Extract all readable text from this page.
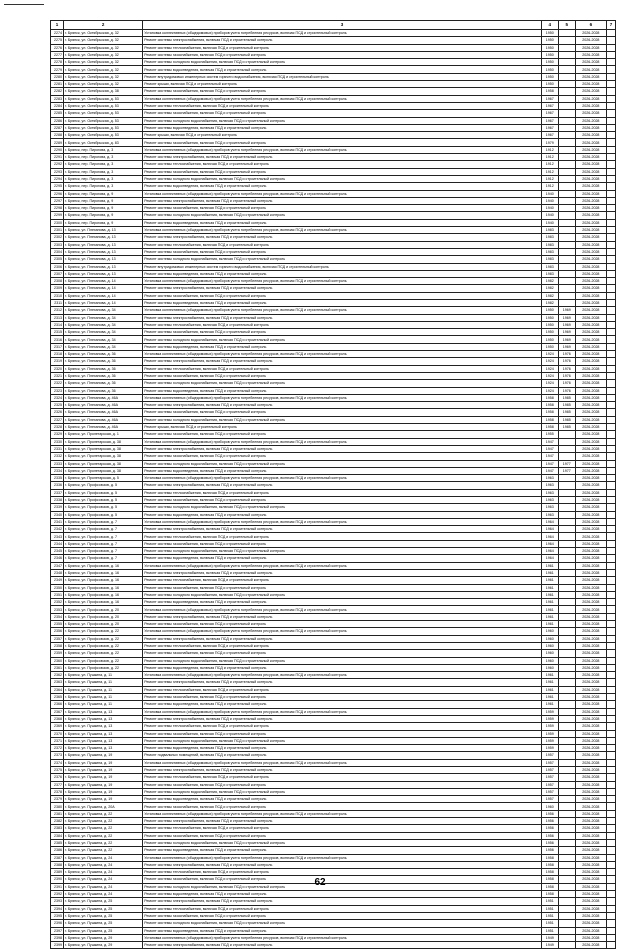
1	2	3	4	5	6	7
2274	г. Брянск, ул. Октябрьская, д. 32	Установка коллективных (общедомовых) приборов учета потребления ресурсов, включая ПСД и строительный контроль	1950		2026-2028	
2275	г. Брянск, ул. Октябрьская, д. 32	Ремонт системы электроснабжения, включая ПСД и строительный контроль	1950		2026-2028	
2276	г. Брянск, ул. Октябрьская, д. 32	Ремонт системы теплоснабжения, включая ПСД и строительный контроль	1950		2026-2028	
2277	г. Брянск, ул. Октябрьская, д. 32	Ремонт системы газоснабжения, включая ПСД и строительный контроль	1950		2026-2028	
2278	г. Брянск, ул. Октябрьская, д. 32	Ремонт системы холодного водоснабжения, включая ПСД и строительный контроль	1950		2026-2028	
2279	г. Брянск, ул. Октябрьская, д. 32	Ремонт системы водоотведения, включая ПСД и строительный контроль	1950		2026-2028	
2280	г. Брянск, ул. Октябрьская, д. 32	Ремонт внутридомовых инженерных систем горячего водоснабжения, включая ПСД и строительный контроль	1950		2026-2028	
2281	г. Брянск, ул. Октябрьская, д. 32	Ремонт крыши, включая ПСД и строительный контроль	1950		2026-2028	
2282	г. Брянск, ул. Октябрьская, д. 38	Ремонт системы газоснабжения, включая ПСД и строительный контроль	1958		2026-2028	
2283	г. Брянск, ул. Октябрьская, д. 53	Установка коллективных (общедомовых) приборов учета потребления ресурсов, включая ПСД и строительный контроль	1967		2026-2028	
2284	г. Брянск, ул. Октябрьская, д. 53	Ремонт системы теплоснабжения, включая ПСД и строительный контроль	1967		2026-2028	
2285	г. Брянск, ул. Октябрьская, д. 53	Ремонт системы газоснабжения, включая ПСД и строительный контроль	1967		2026-2028	
2286	г. Брянск, ул. Октябрьская, д. 53	Ремонт системы холодного водоснабжения, включая ПСД и строительный контроль	1967		2026-2028	
2287	г. Брянск, ул. Октябрьская, д. 53	Ремонт системы водоотведения, включая ПСД и строительный контроль	1967		2026-2028	
2288	г. Брянск, ул. Октябрьская, д. 53	Ремонт крыши, включая ПСД и строительный контроль	1967		2026-2028	
2289	г. Брянск, ул. Октябрьская, д. 83	Ремонт системы газоснабжения, включая ПСД и строительный контроль	1979		2026-2028	
2290	г. Брянск, пер. Пирогова, д. 3	Установка коллективных (общедомовых) приборов учета потребления ресурсов, включая ПСД и строительный контроль	1912		2026-2028	
2291	г. Брянск, пер. Пирогова, д. 3	Ремонт системы электроснабжения, включая ПСД и строительный контроль	1912		2026-2028	
2292	г. Брянск, пер. Пирогова, д. 3	Ремонт системы теплоснабжения, включая ПСД и строительный контроль	1912		2026-2028	
2293	г. Брянск, пер. Пирогова, д. 3	Ремонт системы газоснабжения, включая ПСД и строительный контроль	1912		2026-2028	
2294	г. Брянск, пер. Пирогова, д. 3	Ремонт системы холодного водоснабжения, включая ПСД и строительный контроль	1912		2026-2028	
2295	г. Брянск, пер. Пирогова, д. 3	Ремонт системы водоотведения, включая ПСД и строительный контроль	1912		2026-2028	
2296	г. Брянск, пер. Пирогова, д. 9	Установка коллективных (общедомовых) приборов учета потребления ресурсов, включая ПСД и строительный контроль	1940		2026-2028	
2297	г. Брянск, пер. Пирогова, д. 9	Ремонт системы электроснабжения, включая ПСД и строительный контроль	1940		2026-2028	
2298	г. Брянск, пер. Пирогова, д. 9	Ремонт системы газоснабжения, включая ПСД и строительный контроль	1940		2026-2028	
2299	г. Брянск, пер. Пирогова, д. 9	Ремонт системы холодного водоснабжения, включая ПСД и строительный контроль	1940		2026-2028	
2300	г. Брянск, пер. Пирогова, д. 9	Ремонт системы водоотведения, включая ПСД и строительный контроль	1940		2026-2028	
2301	г. Брянск, ул. Плеханова, д. 13	Установка коллективных (общедомовых) приборов учета потребления ресурсов, включая ПСД и строительный контроль	1983		2026-2028	
2302	г. Брянск, ул. Плеханова, д. 13	Ремонт системы электроснабжения, включая ПСД и строительный контроль	1983		2026-2028	
2303	г. Брянск, ул. Плеханова, д. 13	Ремонт системы теплоснабжения, включая ПСД и строительный контроль	1983		2026-2028	
2304	г. Брянск, ул. Плеханова, д. 13	Ремонт системы газоснабжения, включая ПСД и строительный контроль	1983		2026-2028	
2305	г. Брянск, ул. Плеханова, д. 13	Ремонт системы холодного водоснабжения, включая ПСД и строительный контроль	1983		2026-2028	
2306	г. Брянск, ул. Плеханова, д. 13	Ремонт внутридомовых инженерных систем горячего водоснабжения, включая ПСД и строительный контроль	1983		2026-2028	
2307	г. Брянск, ул. Плеханова, д. 13	Ремонт системы водоотведения, включая ПСД и строительный контроль	1983		2026-2028	
2308	г. Брянск, ул. Плеханова, д. 14	Установка коллективных (общедомовых) приборов учета потребления ресурсов, включая ПСД и строительный контроль	1982		2026-2028	
2309	г. Брянск, ул. Плеханова, д. 14	Ремонт системы электроснабжения, включая ПСД и строительный контроль	1982		2026-2028	
2310	г. Брянск, ул. Плеханова, д. 14	Ремонт системы газоснабжения, включая ПСД и строительный контроль	1982		2026-2028	
2311	г. Брянск, ул. Плеханова, д. 14	Ремонт системы водоотведения, включая ПСД и строительный контроль	1982		2026-2028	
2312	г. Брянск, ул. Плеханова, д. 34	Установка коллективных (общедомовых) приборов учета потребления ресурсов, включая ПСД и строительный контроль	1950	1969	2026-2028	
2313	г. Брянск, ул. Плеханова, д. 34	Ремонт системы электроснабжения, включая ПСД и строительный контроль	1950	1969	2026-2028	
2314	г. Брянск, ул. Плеханова, д. 34	Ремонт системы теплоснабжения, включая ПСД и строительный контроль	1950	1969	2026-2028	
2315	г. Брянск, ул. Плеханова, д. 34	Ремонт системы газоснабжения, включая ПСД и строительный контроль	1950	1969	2026-2028	
2316	г. Брянск, ул. Плеханова, д. 34	Ремонт системы холодного водоснабжения, включая ПСД и строительный контроль	1950	1969	2026-2028	
2317	г. Брянск, ул. Плеханова, д. 34	Ремонт системы водоотведения, включая ПСД и строительный контроль	1950	1969	2026-2028	
2318	г. Брянск, ул. Плеханова, д. 36	Установка коллективных (общедомовых) приборов учета потребления ресурсов, включая ПСД и строительный контроль	1924	1976	2026-2028	
2319	г. Брянск, ул. Плеханова, д. 36	Ремонт системы электроснабжения, включая ПСД и строительный контроль	1924	1976	2026-2028	
2320	г. Брянск, ул. Плеханова, д. 36	Ремонт системы теплоснабжения, включая ПСД и строительный контроль	1924	1976	2026-2028	
2321	г. Брянск, ул. Плеханова, д. 36	Ремонт системы газоснабжения, включая ПСД и строительный контроль	1924	1976	2026-2028	
2322	г. Брянск, ул. Плеханова, д. 36	Ремонт системы холодного водоснабжения, включая ПСД и строительный контроль	1924	1976	2026-2028	
2323	г. Брянск, ул. Плеханова, д. 36	Ремонт системы водоотведения, включая ПСД и строительный контроль	1924	1976	2026-2028	
2324	г. Брянск, ул. Плеханова, д. 46А	Установка коллективных (общедомовых) приборов учета потребления ресурсов, включая ПСД и строительный контроль	1958	1985	2026-2028	
2325	г. Брянск, ул. Плеханова, д. 46А	Ремонт системы электроснабжения, включая ПСД и строительный контроль	1958	1985	2026-2028	
2326	г. Брянск, ул. Плеханова, д. 46А	Ремонт системы газоснабжения, включая ПСД и строительный контроль	1958	1985	2026-2028	
2327	г. Брянск, ул. Плеханова, д. 46А	Ремонт системы холодного водоснабжения, включая ПСД и строительный контроль	1958	1985	2026-2028	
2328	г. Брянск, ул. Плеханова, д. 46А	Ремонт крыши, включая ПСД и строительный контроль	1958	1985	2026-2028	
2329	г. Брянск, ул. Пролетарская, д. 1	Ремонт системы газоснабжения, включая ПСД и строительный контроль	1955		2026-2028	
2330	г. Брянск, ул. Пролетарская, д. 38	Установка коллективных (общедомовых) приборов учета потребления ресурсов, включая ПСД и строительный контроль	1947		2026-2028	
2331	г. Брянск, ул. Пролетарская, д. 38	Ремонт системы электроснабжения, включая ПСД и строительный контроль	1947		2026-2028	
2332	г. Брянск, ул. Пролетарская, д. 38	Ремонт системы газоснабжения, включая ПСД и строительный контроль	1947		2026-2028	
2333	г. Брянск, ул. Пролетарская, д. 38	Ремонт системы холодного водоснабжения, включая ПСД и строительный контроль	1947	1977	2026-2028	
2334	г. Брянск, ул. Пролетарская, д. 38	Ремонт системы водоотведения, включая ПСД и строительный контроль	1947	1977	2026-2028	
2335	г. Брянск, ул. Пролетарская, д. 5	Установка коллективных (общедомовых) приборов учета потребления ресурсов, включая ПСД и строительный контроль	1963		2026-2028	
2336	г. Брянск, ул. Профсоюзов, д. 5	Ремонт системы электроснабжения, включая ПСД и строительный контроль	1963		2026-2028	
2337	г. Брянск, ул. Профсоюзов, д. 5	Ремонт системы теплоснабжения, включая ПСД и строительный контроль	1963		2026-2028	
2338	г. Брянск, ул. Профсоюзов, д. 5	Ремонт системы газоснабжения, включая ПСД и строительный контроль	1963		2026-2028	
2339	г. Брянск, ул. Профсоюзов, д. 5	Ремонт системы холодного водоснабжения, включая ПСД и строительный контроль	1963		2026-2028	
2340	г. Брянск, ул. Профсоюзов, д. 5	Ремонт системы водоотведения, включая ПСД и строительный контроль	1963		2026-2028	
2341	г. Брянск, ул. Профсоюзов, д. 7	Установка коллективных (общедомовых) приборов учета потребления ресурсов, включая ПСД и строительный контроль	1964		2026-2028	
2342	г. Брянск, ул. Профсоюзов, д. 7	Ремонт системы электроснабжения, включая ПСД и строительный контроль	1964		2026-2028	
2343	г. Брянск, ул. Профсоюзов, д. 7	Ремонт системы теплоснабжения, включая ПСД и строительный контроль	1964		2026-2028	
2344	г. Брянск, ул. Профсоюзов, д. 7	Ремонт системы газоснабжения, включая ПСД и строительный контроль	1964		2026-2028	
2345	г. Брянск, ул. Профсоюзов, д. 7	Ремонт системы холодного водоснабжения, включая ПСД и строительный контроль	1964		2026-2028	
2346	г. Брянск, ул. Профсоюзов, д. 7	Ремонт системы водоотведения, включая ПСД и строительный контроль	1964		2026-2028	
2347	г. Брянск, ул. Профсоюзов, д. 16	Установка коллективных (общедомовых) приборов учета потребления ресурсов, включая ПСД и строительный контроль	1961		2026-2028	
2348	г. Брянск, ул. Профсоюзов, д. 16	Ремонт системы электроснабжения, включая ПСД и строительный контроль	1961		2026-2028	
2349	г. Брянск, ул. Профсоюзов, д. 16	Ремонт системы теплоснабжения, включая ПСД и строительный контроль	1961		2026-2028	
2350	г. Брянск, ул. Профсоюзов, д. 16	Ремонт системы газоснабжения, включая ПСД и строительный контроль	1961		2026-2028	
2351	г. Брянск, ул. Профсоюзов, д. 16	Ремонт системы холодного водоснабжения, включая ПСД и строительный контроль	1961		2026-2028	
2352	г. Брянск, ул. Профсоюзов, д. 16	Ремонт системы водоотведения, включая ПСД и строительный контроль	1961		2026-2028	
2353	г. Брянск, ул. Профсоюзов, д. 20	Установка коллективных (общедомовых) приборов учета потребления ресурсов, включая ПСД и строительный контроль	1961		2026-2028	
2354	г. Брянск, ул. Профсоюзов, д. 20	Ремонт системы электроснабжения, включая ПСД и строительный контроль	1961		2026-2028	
2355	г. Брянск, ул. Профсоюзов, д. 20	Ремонт системы газоснабжения, включая ПСД и строительный контроль	1961		2026-2028	
2356	г. Брянск, ул. Профсоюзов, д. 22	Установка коллективных (общедомовых) приборов учета потребления ресурсов, включая ПСД и строительный контроль	1960		2026-2028	
2357	г. Брянск, ул. Профсоюзов, д. 22	Ремонт системы электроснабжения, включая ПСД и строительный контроль	1960		2026-2028	
2358	г. Брянск, ул. Профсоюзов, д. 22	Ремонт системы теплоснабжения, включая ПСД и строительный контроль	1960		2026-2028	
2359	г. Брянск, ул. Профсоюзов, д. 22	Ремонт системы газоснабжения, включая ПСД и строительный контроль	1960		2026-2028	
2360	г. Брянск, ул. Профсоюзов, д. 22	Ремонт системы холодного водоснабжения, включая ПСД и строительный контроль	1960		2026-2028	
2361	г. Брянск, ул. Профсоюзов, д. 22	Ремонт системы водоотведения, включая ПСД и строительный контроль	1960		2026-2028	
2362	г. Брянск, ул. Пушкина, д. 11	Установка коллективных (общедомовых) приборов учета потребления ресурсов, включая ПСД и строительный контроль	1961		2026-2028	
2363	г. Брянск, ул. Пушкина, д. 11	Ремонт системы электроснабжения, включая ПСД и строительный контроль	1961		2026-2028	
2364	г. Брянск, ул. Пушкина, д. 11	Ремонт системы теплоснабжения, включая ПСД и строительный контроль	1961		2026-2028	
2365	г. Брянск, ул. Пушкина, д. 11	Ремонт системы газоснабжения, включая ПСД и строительный контроль	1961		2026-2028	
2366	г. Брянск, ул. Пушкина, д. 11	Ремонт системы водоотведения, включая ПСД и строительный контроль	1961		2026-2028	
2367	г. Брянск, ул. Пушкина, д. 13	Установка коллективных (общедомовых) приборов учета потребления ресурсов, включая ПСД и строительный контроль	1959		2026-2028	
2368	г. Брянск, ул. Пушкина, д. 13	Ремонт системы электроснабжения, включая ПСД и строительный контроль	1959		2026-2028	
2369	г. Брянск, ул. Пушкина, д. 13	Ремонт системы теплоснабжения, включая ПСД и строительный контроль	1959		2026-2028	
2370	г. Брянск, ул. Пушкина, д. 13	Ремонт системы газоснабжения, включая ПСД и строительный контроль	1959		2026-2028	
2371	г. Брянск, ул. Пушкина, д. 13	Ремонт системы холодного водоснабжения, включая ПСД и строительный контроль	1959		2026-2028	
2372	г. Брянск, ул. Пушкина, д. 13	Ремонт системы водоотведения, включая ПСД и строительный контроль	1959		2026-2028	
2373	г. Брянск, ул. Пушкина, д. 19	Ремонт подвальных помещений, включая ПСД и строительный контроль	1957		2026-2028	
2374	г. Брянск, ул. Пушкина, д. 19	Установка коллективных (общедомовых) приборов учета потребления ресурсов, включая ПСД и строительный контроль	1957		2026-2028	
2375	г. Брянск, ул. Пушкина, д. 19	Ремонт системы электроснабжения, включая ПСД и строительный контроль	1957		2026-2028	
2376	г. Брянск, ул. Пушкина, д. 19	Ремонт системы теплоснабжения, включая ПСД и строительный контроль	1957		2026-2028	
2377	г. Брянск, ул. Пушкина, д. 19	Ремонт системы газоснабжения, включая ПСД и строительный контроль	1957		2026-2028	
2378	г. Брянск, ул. Пушкина, д. 19	Ремонт системы холодного водоснабжения, включая ПСД и строительный контроль	1957		2026-2028	
2379	г. Брянск, ул. Пушкина, д. 19	Ремонт системы водоотведения, включая ПСД и строительный контроль	1957		2026-2028	
2380	г. Брянск, ул. Пушкина, д. 20А	Ремонт системы газоснабжения, включая ПСД и строительный контроль	1960		2026-2028	
2381	г. Брянск, ул. Пушкина, д. 22	Установка коллективных (общедомовых) приборов учета потребления ресурсов, включая ПСД и строительный контроль	1956		2026-2028	
2382	г. Брянск, ул. Пушкина, д. 22	Ремонт системы электроснабжения, включая ПСД и строительный контроль	1956		2026-2028	
2383	г. Брянск, ул. Пушкина, д. 22	Ремонт системы теплоснабжения, включая ПСД и строительный контроль	1956		2026-2028	
2384	г. Брянск, ул. Пушкина, д. 22	Ремонт системы газоснабжения, включая ПСД и строительный контроль	1956		2026-2028	
2385	г. Брянск, ул. Пушкина, д. 22	Ремонт системы холодного водоснабжения, включая ПСД и строительный контроль	1956		2026-2028	
2386	г. Брянск, ул. Пушкина, д. 22	Ремонт системы водоотведения, включая ПСД и строительный контроль	1956		2026-2028	
2387	г. Брянск, ул. Пушкина, д. 24	Установка коллективных (общедомовых) приборов учета потребления ресурсов, включая ПСД и строительный контроль	1958		2026-2028	
2388	г. Брянск, ул. Пушкина, д. 24	Ремонт системы электроснабжения, включая ПСД и строительный контроль	1958		2026-2028	
2389	г. Брянск, ул. Пушкина, д. 24	Ремонт системы теплоснабжения, включая ПСД и строительный контроль	1958		2026-2028	
2390	г. Брянск, ул. Пушкина, д. 24	Ремонт системы газоснабжения, включая ПСД и строительный контроль	1958		2026-2028	
2391	г. Брянск, ул. Пушкина, д. 24	Ремонт системы холодного водоснабжения, включая ПСД и строительный контроль	1958		2026-2028	
2392	г. Брянск, ул. Пушкина, д. 24	Ремонт системы водоотведения, включая ПСД и строительный контроль	1958		2026-2028	
2393	г. Брянск, ул. Пушкина, д. 25	Ремонт системы электроснабжения, включая ПСД и строительный контроль	1951		2026-2028	
2394	г. Брянск, ул. Пушкина, д. 25	Ремонт системы теплоснабжения, включая ПСД и строительный контроль	1951		2026-2028	
2395	г. Брянск, ул. Пушкина, д. 25	Ремонт системы газоснабжения, включая ПСД и строительный контроль	1951		2026-2028	
2396	г. Брянск, ул. Пушкина, д. 25	Ремонт системы холодного водоснабжения, включая ПСД и строительный контроль	1951		2026-2028	
2397	г. Брянск, ул. Пушкина, д. 25	Ремонт системы водоотведения, включая ПСД и строительный контроль	1951		2026-2028	
2398	г. Брянск, ул. Пушкина, д. 29	Установка коллективных (общедомовых) приборов учета потребления ресурсов, включая ПСД и строительный контроль	1949		2026-2028	
2399	г. Брянск, ул. Пушкина, д. 29	Ремонт системы электроснабжения, включая ПСД и строительный контроль	1949		2026-2028	
62
